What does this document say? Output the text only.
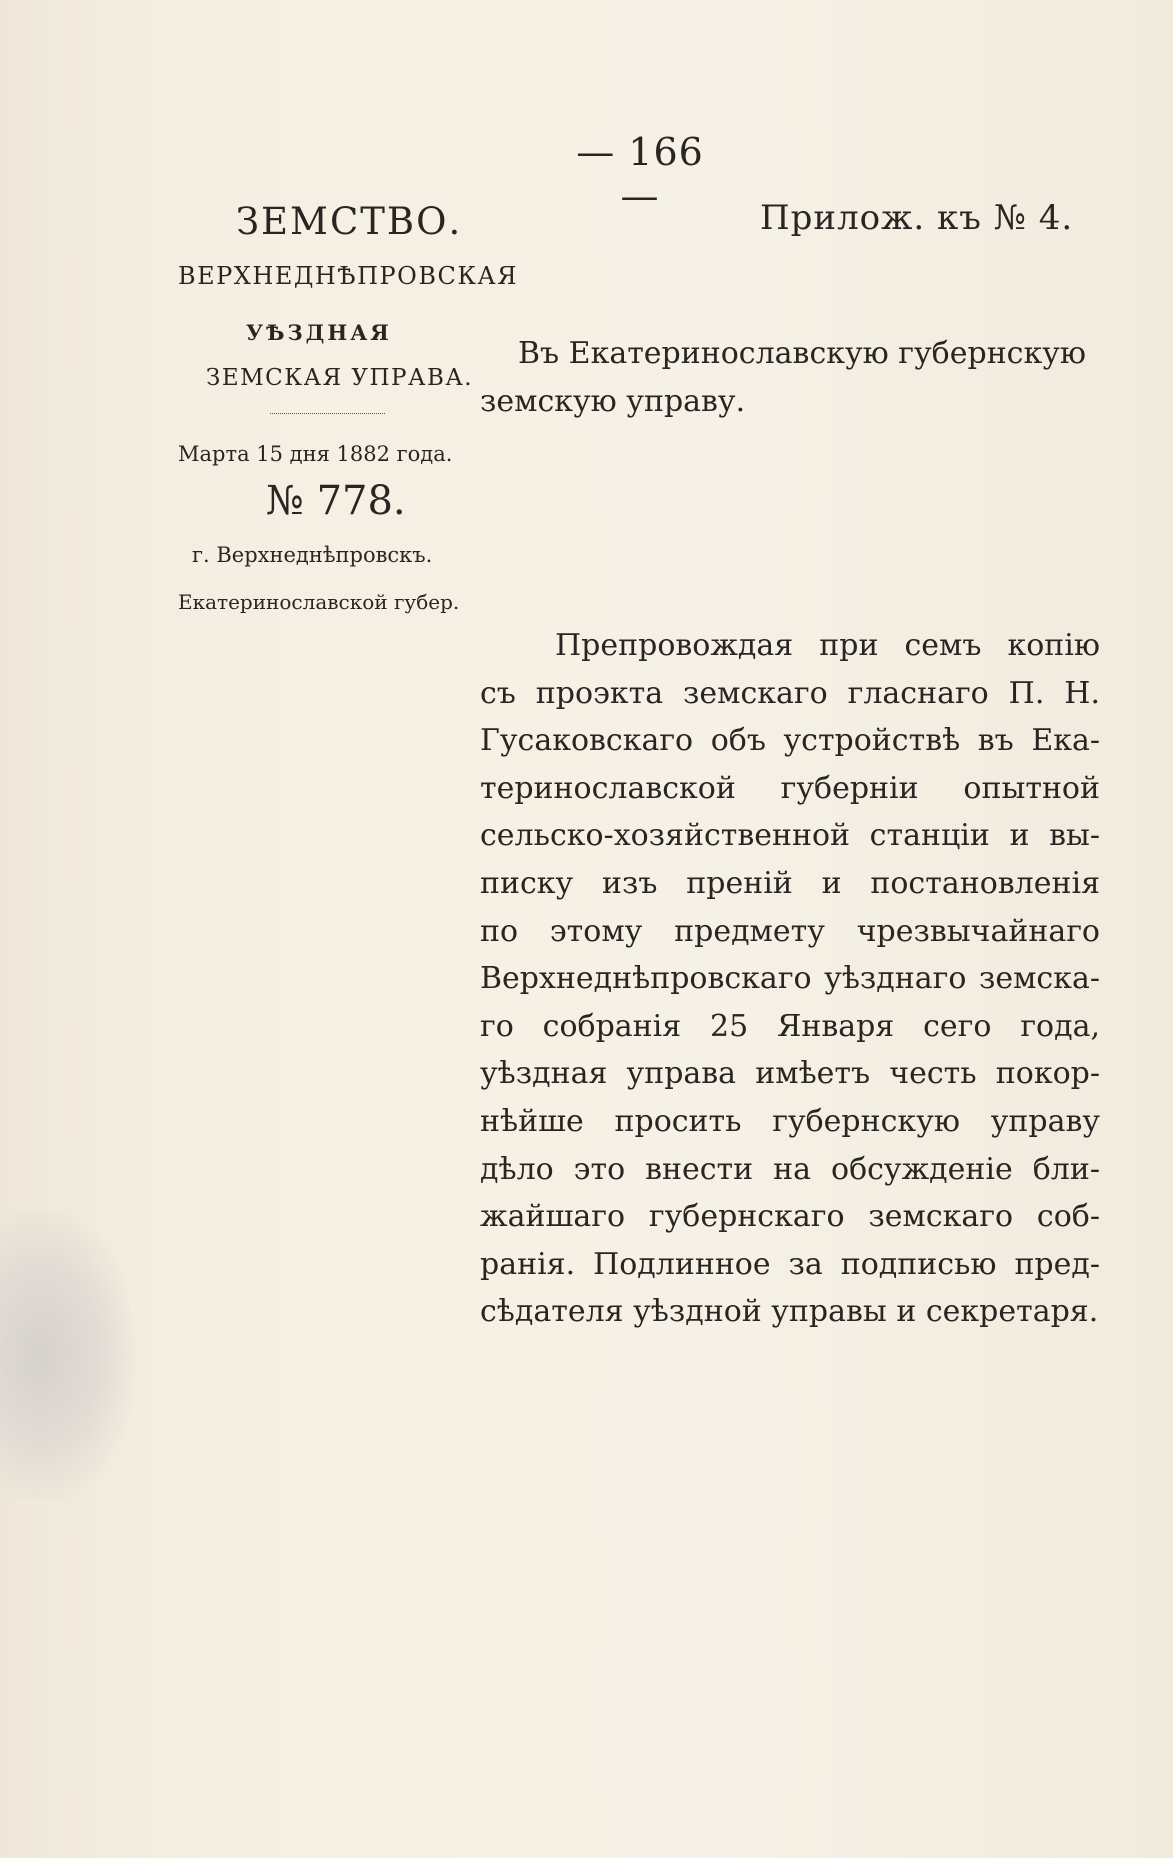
— 166 —
ЗЕМСТВО.
ВЕРХНЕДНѢПРОВСКАЯ
УѢЗДНАЯ
ЗЕМСКАЯ УПРАВА.
Марта 15 дня 1882 года.
№ 778.
г. Верхнеднѣпровскъ.
Екатеринославской губер.
Прилож. къ № 4.
Въ Екатеринославскую губернскую
земскую управу.

Препровождая при семъ копію

съ проэкта земскаго гласнаго П. Н.

Гусаковскаго объ устройствѣ въ Ека-

теринославской губерніи опытной

сельско-хозяйственной станціи и вы-

писку изъ преній и постановленія

по этому предмету чрезвычайнаго

Верхнеднѣпровскаго уѣзднаго земска-

го собранія 25 Января сего года,

уѣздная управа имѣетъ честь покор-

нѣйше просить губернскую управу

дѣло это внести на обсужденіе бли-

жайшаго губернскаго земскаго соб-

ранія. Подлинное за подписью пред-

сѣдателя уѣздной управы и секретаря.
